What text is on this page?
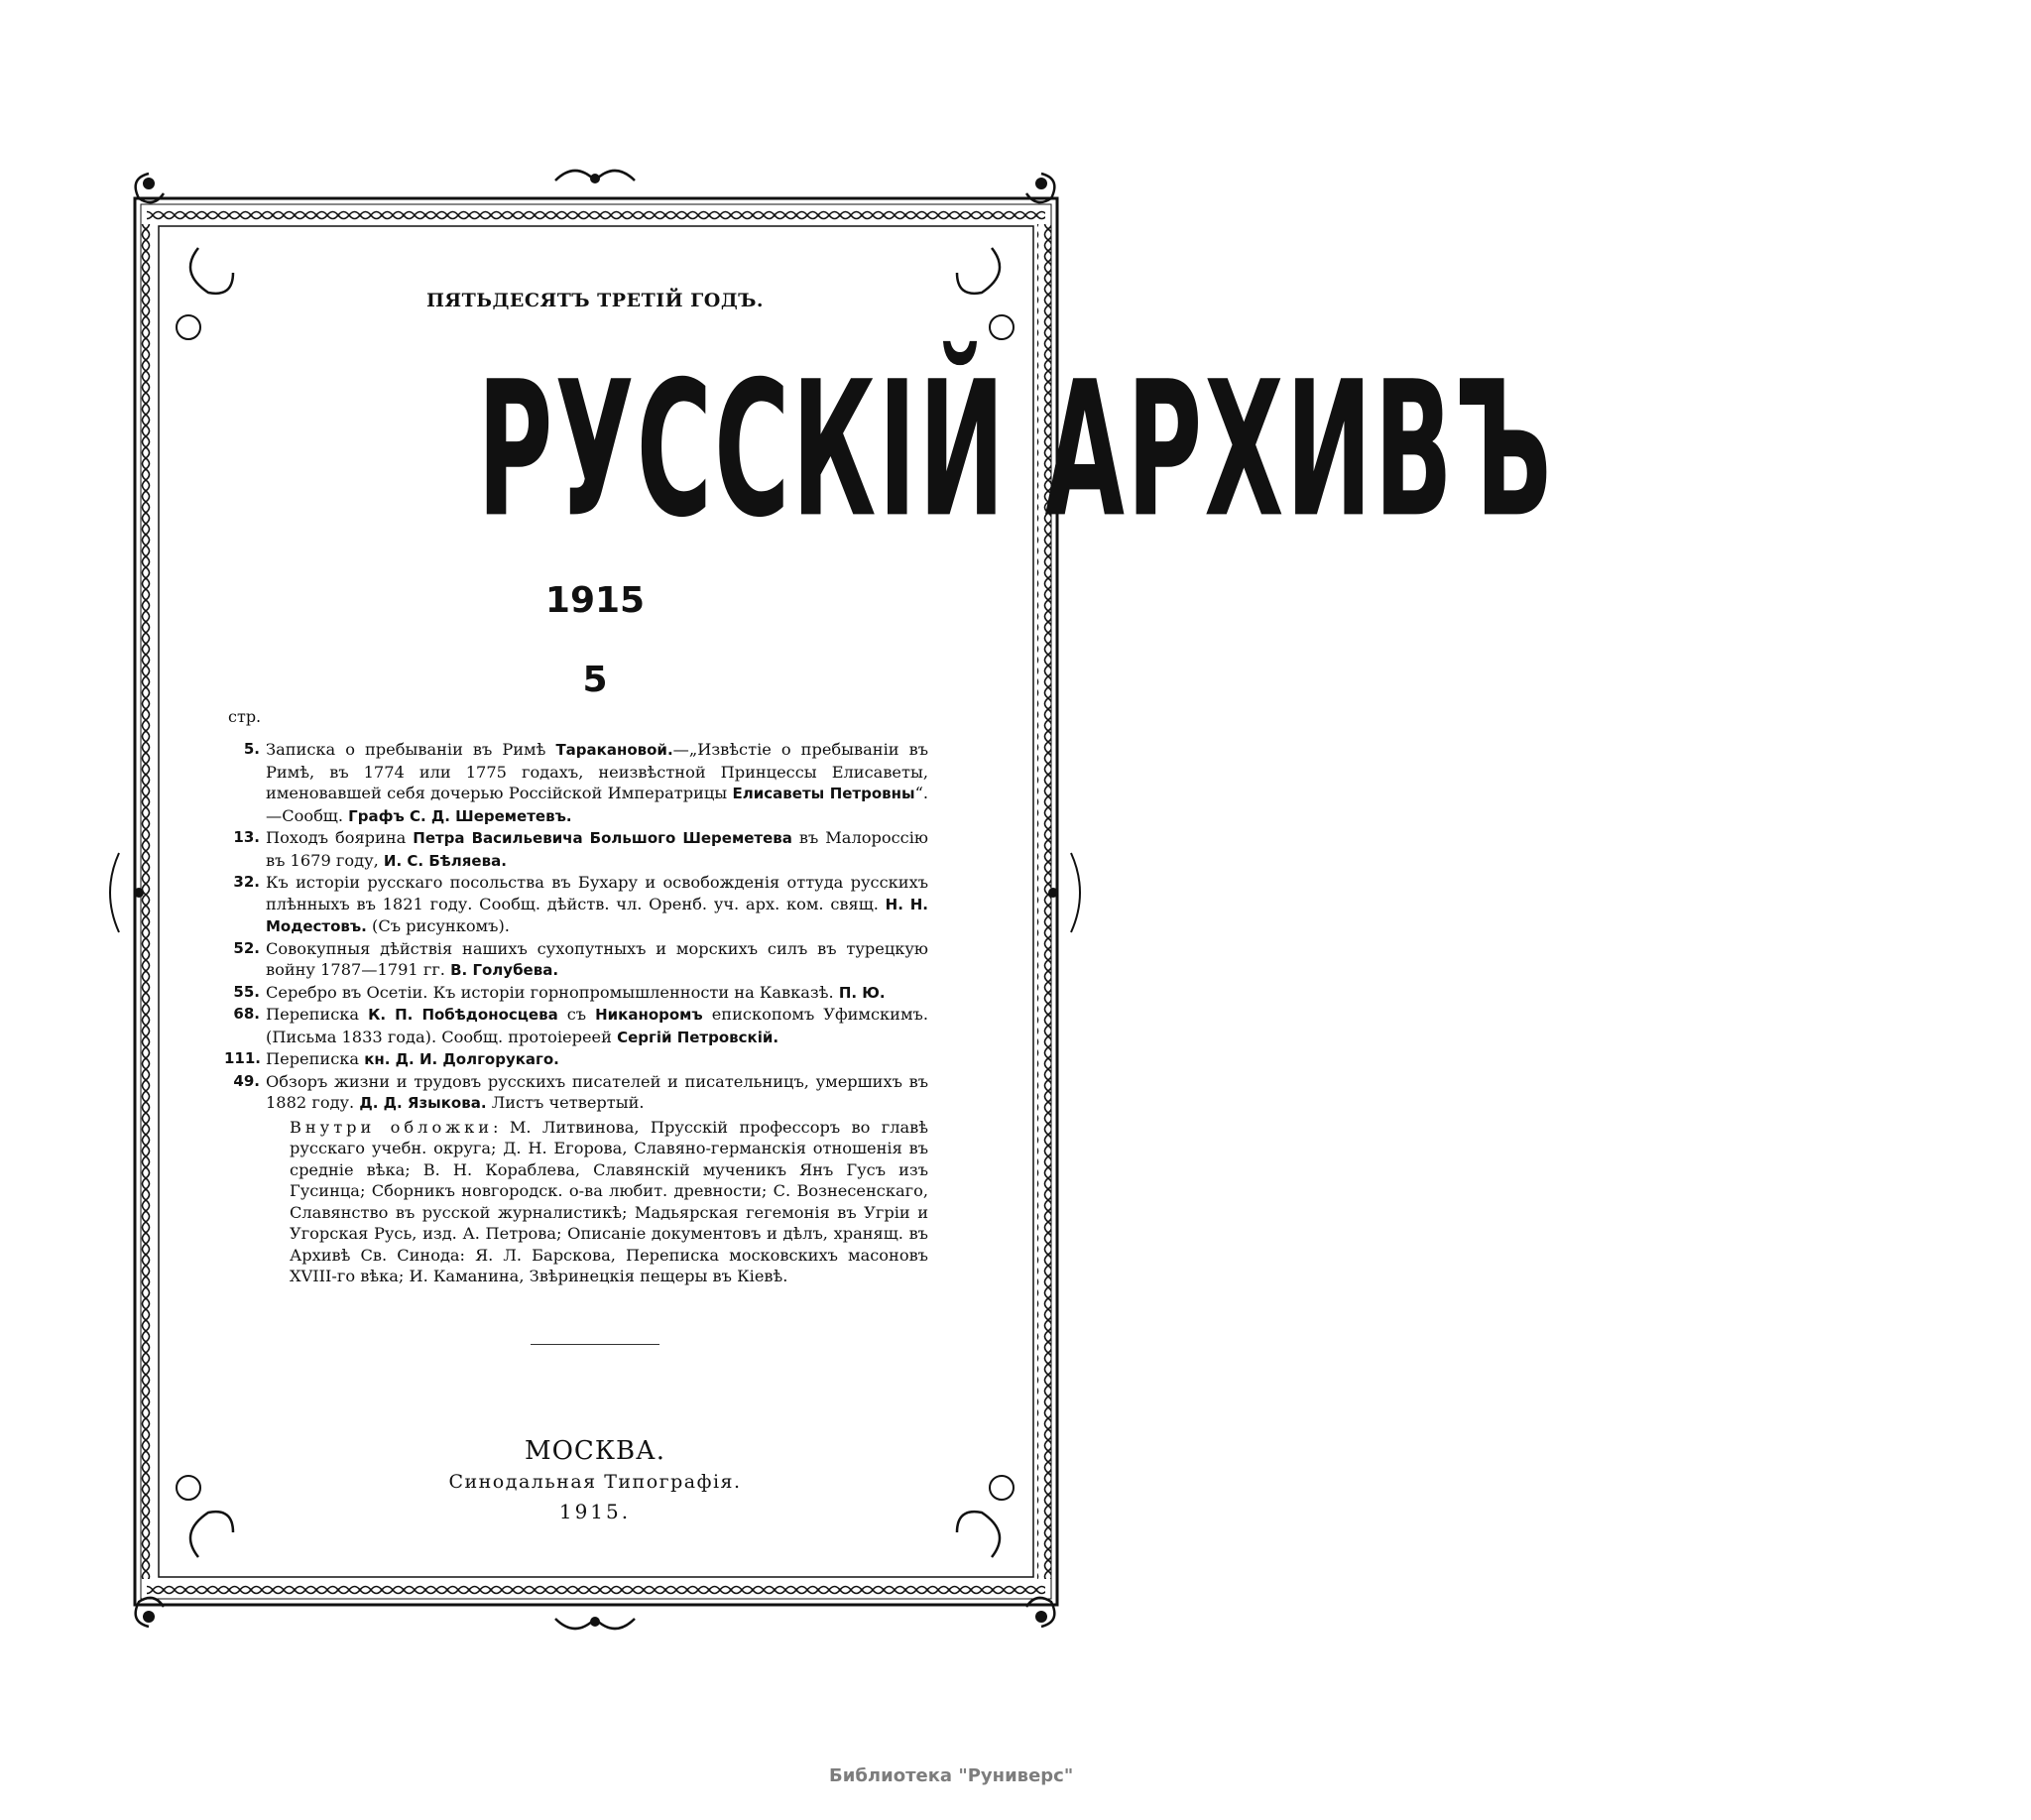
ПЯТЬДЕСЯТЪ ТРЕТІЙ ГОДЪ.
РУССКІЙ АРХИВЪ
1915
5
стр.
5. Записка о пребываніи въ Римѣ Таракановой.—„Извѣстіе о пребываніи въ Римѣ, въ 1774 или 1775 годахъ, неизвѣстной Принцессы Елисаветы, именовавшей себя дочерью Россійской Императрицы Елисаветы Петровны“.—Сообщ. Графъ С. Д. Шереметевъ.
13. Походъ боярина Петра Васильевича Большого Шереметева въ Малороссію въ 1679 году, И. С. Бѣляева.
32. Къ исторіи русскаго посольства въ Бухару и освобожденія оттуда русскихъ плѣнныхъ въ 1821 году. Сообщ. дѣйств. чл. Оренб. уч. арх. ком. свящ. Н. Н. Модестовъ. (Съ рисункомъ).
52. Совокупныя дѣйствія нашихъ сухопутныхъ и морскихъ силъ въ турецкую войну 1787—1791 гг. В. Голубева.
55. Серебро въ Осетіи. Къ исторіи горнопромышленности на Кавказѣ. П. Ю.
68. Переписка К. П. Побѣдоносцева съ Никаноромъ епископомъ Уфимскимъ. (Письма 1833 года). Сообщ. протоіереей Сергій Петровскій.
111. Переписка кн. Д. И. Долгорукаго.
49. Обзоръ жизни и трудовъ русскихъ писателей и писательницъ, умершихъ въ 1882 году. Д. Д. Языкова. Листъ четвертый.
Внутри обложки: М. Литвинова, Прусскій профессоръ во главѣ русскаго учебн. округа; Д. Н. Егорова, Славяно-германскія отношенія въ средніе вѣка; В. Н. Кораблева, Славянскій мученикъ Янъ Гусъ изъ Гусинца; Сборникъ новгородск. о-ва любит. древности; С. Вознесенскаго, Славянство въ русской журналистикѣ; Мадьярская гегемонія въ Угріи и Угорская Русь, изд. А. Петрова; Описаніе документовъ и дѣлъ, хранящ. въ Архивѣ Св. Синода: Я. Л. Барскова, Переписка московскихъ масоновъ XVIII-го вѣка; И. Каманина, Звѣринецкія пещеры въ Кіевѣ.
МОСКВА.
Синодальная Типографія.
1915.
Библиотека "Руниверс"
